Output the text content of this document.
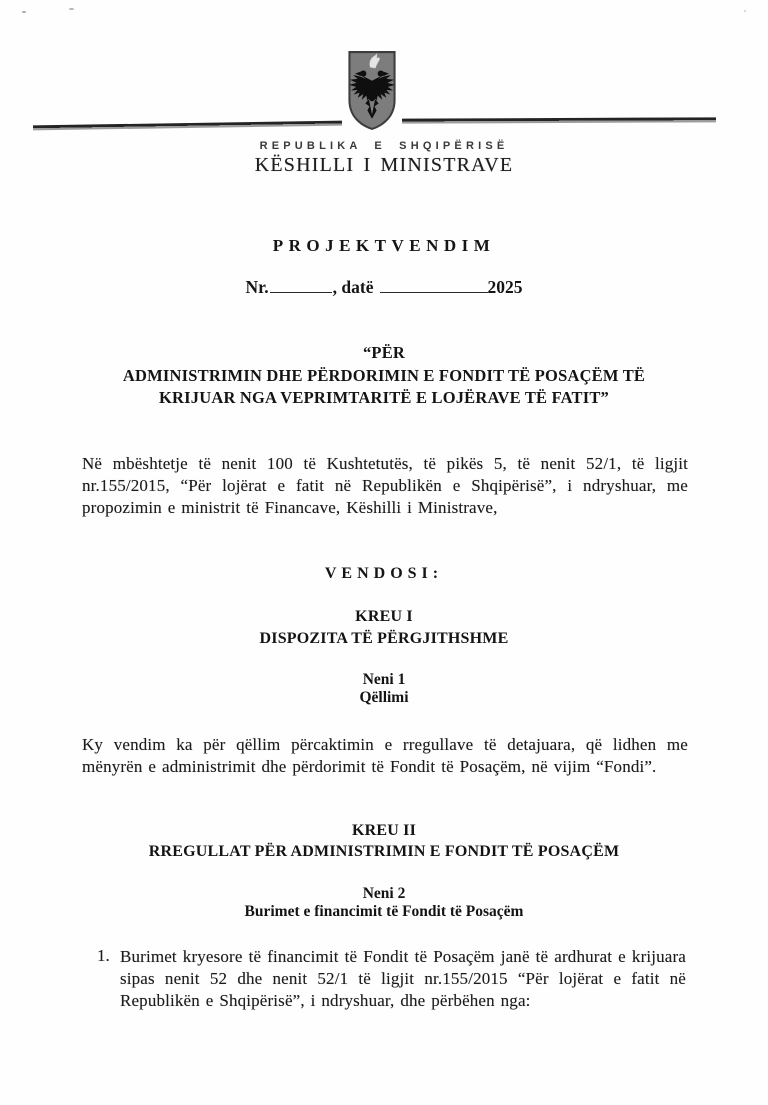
REPUBLIKA E SHQIPËRISË
KËSHILLI I MINISTRAVE
PROJEKTVENDIM
Nr.	, datë	2025
“PËR
ADMINISTRIMIN DHE PËRDORIMIN E FONDIT TË POSAÇËM TË
KRIJUAR NGA VEPRIMTARITË E LOJËRAVE TË FATIT”

Në mbështetje të nenit 100 të Kushtetutës, të pikës 5, të nenit 52/1, të ligjit nr.155/2015, “Për lojërat e fatit në Republikën e Shqipërisë”, i ndryshuar, me propozimin e ministrit të Financave, Këshilli i Ministrave,

VENDOSI:
KREU I
DISPOZITA TË PËRGJITHSHME
Neni 1
Qëllimi

Ky vendim ka për qëllim përcaktimin e rregullave të detajuara, që lidhen me mënyrën e administrimit dhe përdorimit të Fondit të Posaçëm, në vijim “Fondi”.

KREU II
RREGULLAT PËR ADMINISTRIMIN E FONDIT TË POSAÇËM
Neni 2
Burimet e financimit të Fondit të Posaçëm
1. Burimet kryesore të financimit të Fondit të Posaçëm janë të ardhurat e krijuara sipas nenit 52 dhe nenit 52/1 të ligjit nr.155/2015 “Për lojërat e fatit në Republikën e Shqipërisë”, i ndryshuar, dhe përbëhen nga:
